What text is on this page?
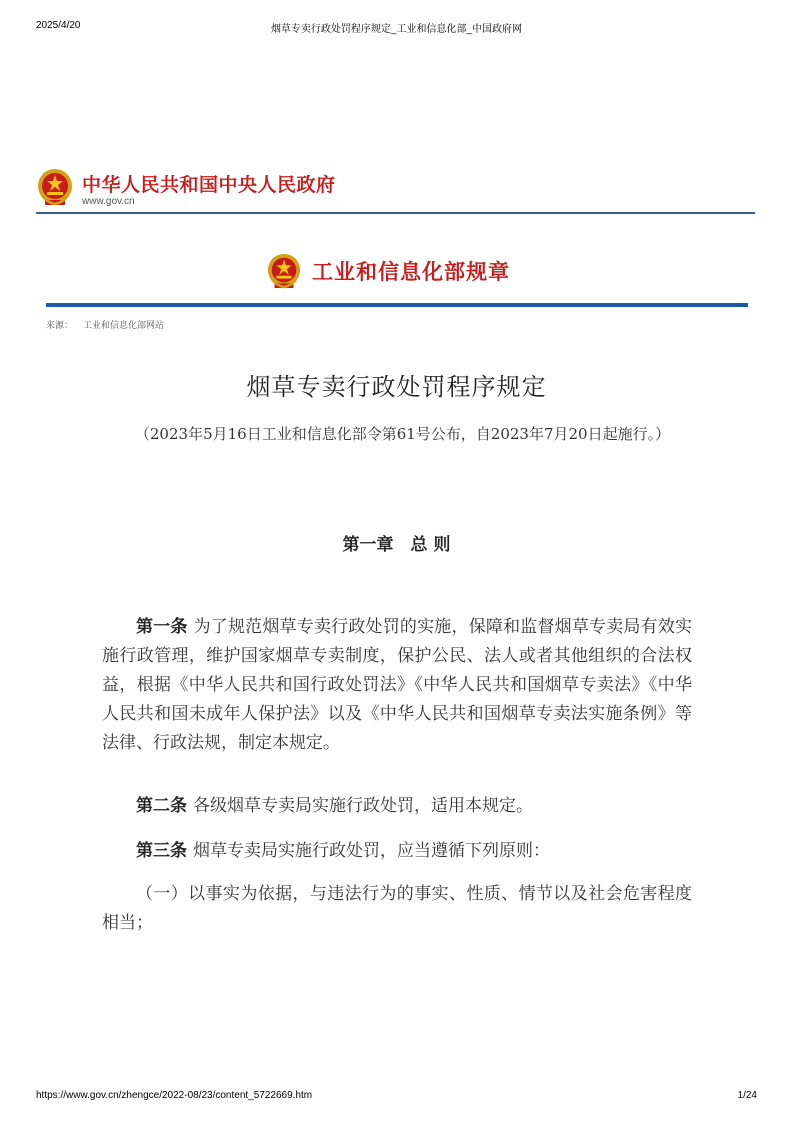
2025/4/20	烟草专卖行政处罚程序规定_工业和信息化部_中国政府网
中华人民共和国中央人民政府
www.gov.cn
工业和信息化部规章
来源： 工业和信息化部网站
烟草专卖行政处罚程序规定
（2023年5月16日工业和信息化部令第61号公布，自2023年7月20日起施行。）
第一章　总 则

第一条 为了规范烟草专卖行政处罚的实施，保障和监督烟草专卖局有效实施行政管理，维护国家烟草专卖制度，保护公民、法人或者其他组织的合法权益，根据《中华人民共和国行政处罚法》《中华人民共和国烟草专卖法》《中华人民共和国未成年人保护法》以及《中华人民共和国烟草专卖法实施条例》等法律、行政法规，制定本规定。

第二条 各级烟草专卖局实施行政处罚，适用本规定。

第三条 烟草专卖局实施行政处罚，应当遵循下列原则：

（一）以事实为依据，与违法行为的事实、性质、情节以及社会危害程度相当；

https://www.gov.cn/zhengce/2022-08/23/content_5722669.htm	1/24
